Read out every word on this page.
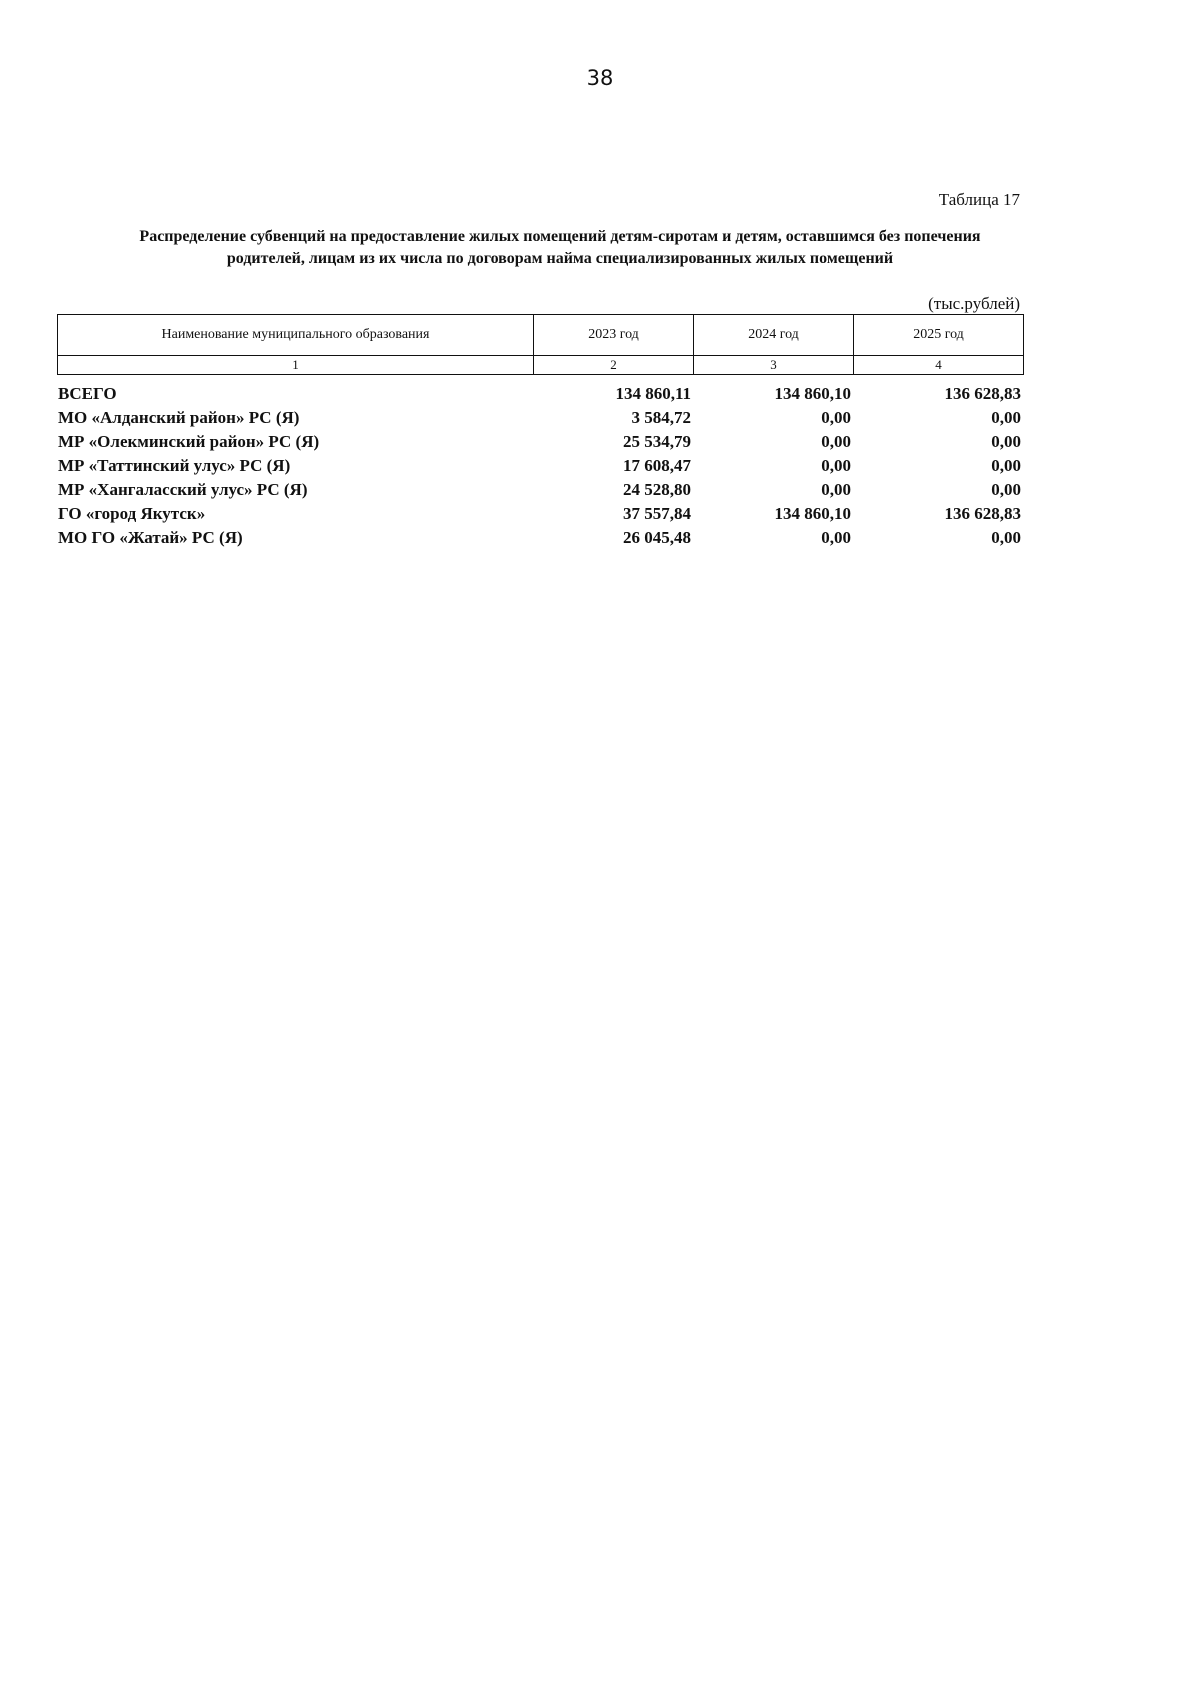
38
Таблица 17
Распределение субвенций на предоставление жилых помещений детям-сиротам и детям, оставшимся без попечения
родителей, лицам из их числа по договорам найма специализированных жилых помещений
(тыс.рублей)
Наименование муниципального образования	2023 год	2024 год	2025 год
1	2	3	4
ВСЕГО	134 860,11	134 860,10	136 628,83
МО «Алданский район» РС (Я)	3 584,72	0,00	0,00
МР «Олекминский район» РС (Я)	25 534,79	0,00	0,00
МР «Таттинский улус» РС (Я)	17 608,47	0,00	0,00
МР «Хангаласский улус» РС (Я)	24 528,80	0,00	0,00
ГО «город Якутск»	37 557,84	134 860,10	136 628,83
МО ГО «Жатай» РС (Я)	26 045,48	0,00	0,00
